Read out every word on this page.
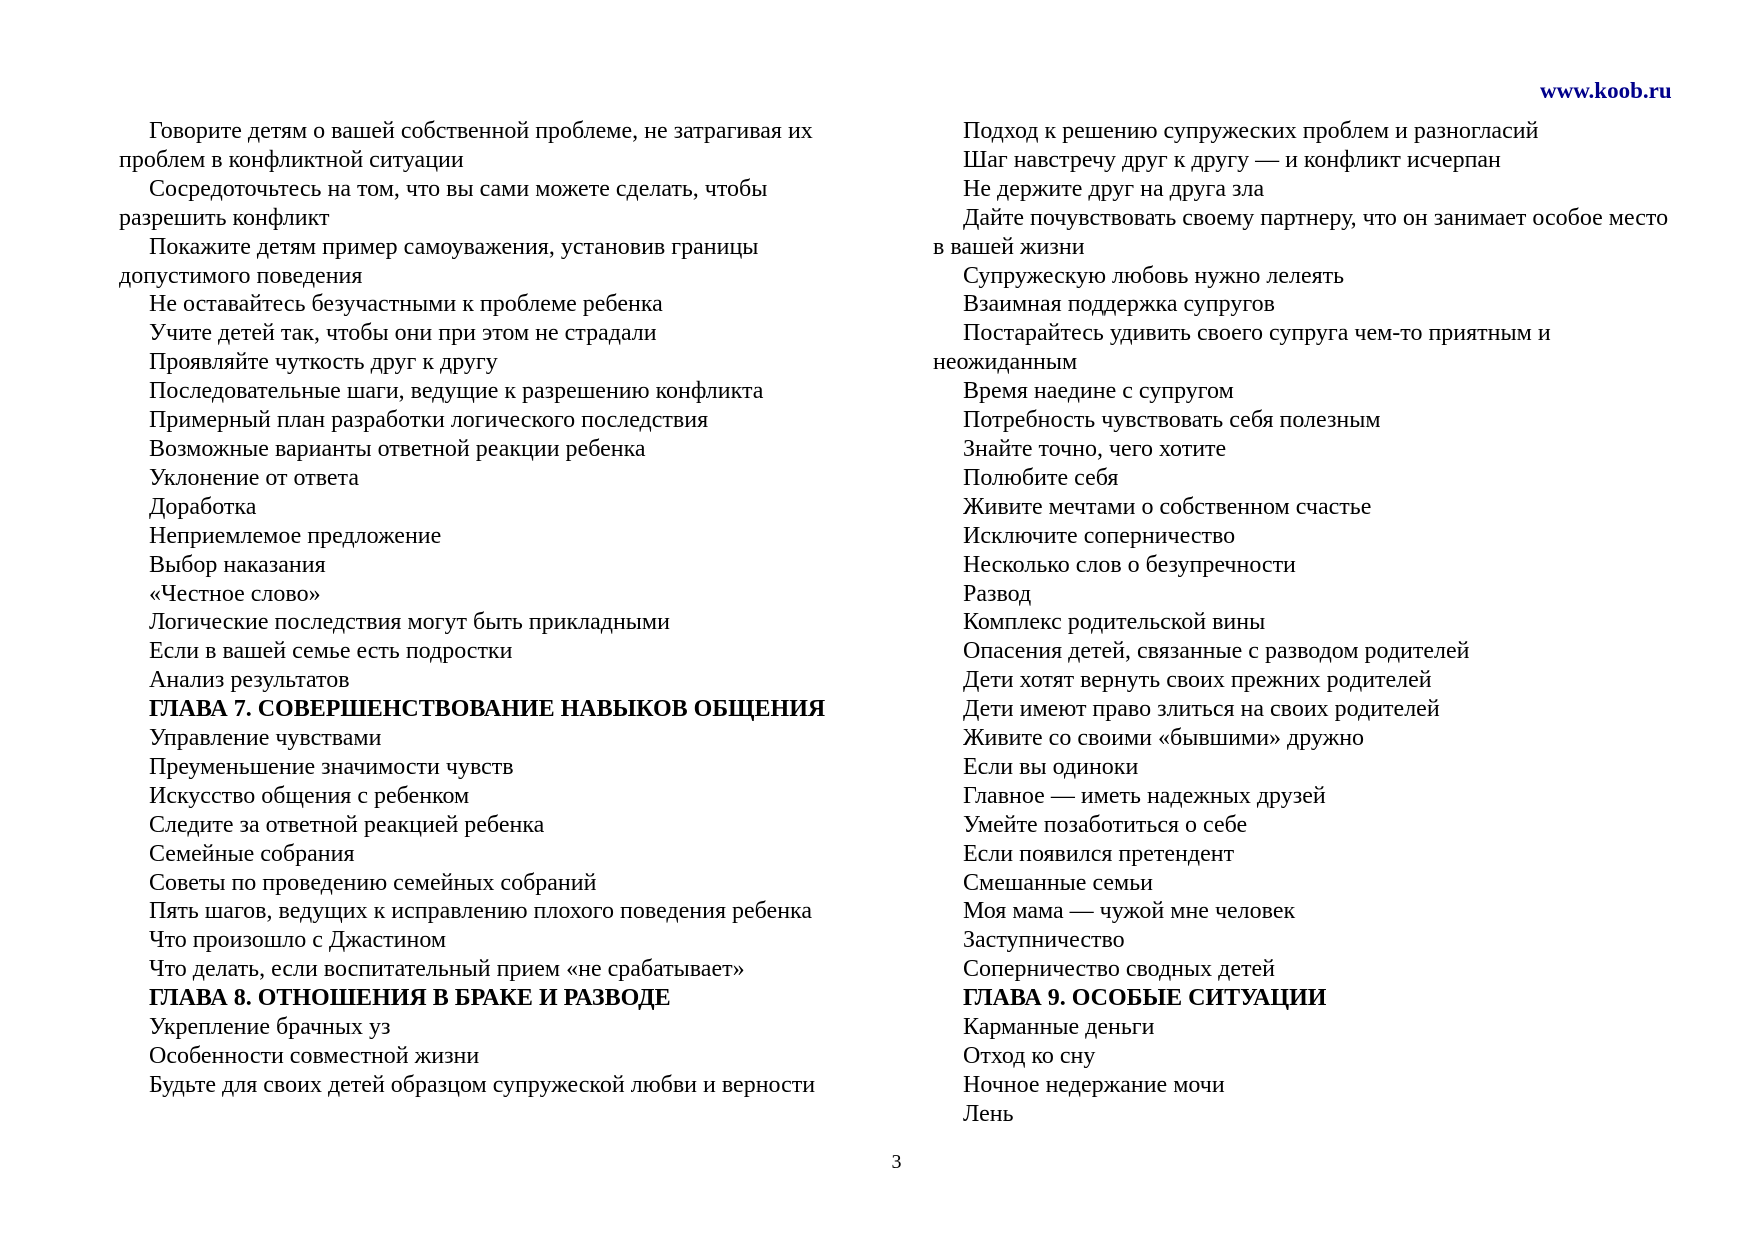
www.koob.ru

Говорите детям о вашей собственной проблеме, не затрагивая их проблем в конфликтной ситуации

Сосредоточьтесь на том, что вы сами можете сделать, чтобы разрешить конфликт

Покажите детям пример самоуважения, установив границы допустимого поведения

Не оставайтесь безучастными к проблеме ребенка

Учите детей так, чтобы они при этом не страдали

Проявляйте чуткость друг к другу

Последовательные шаги, ведущие к разрешению конфликта

Примерный план разработки логического последствия

Возможные варианты ответной реакции ребенка

Уклонение от ответа

Доработка

Неприемлемое предложение

Выбор наказания

«Честное слово»

Логические последствия могут быть прикладными

Если в вашей семье есть подростки

Анализ результатов

ГЛАВА 7. СОВЕРШЕНСТВОВАНИЕ НАВЫКОВ ОБЩЕНИЯ

Управление чувствами

Преуменьшение значимости чувств

Искусство общения с ребенком

Следите за ответной реакцией ребенка

Семейные собрания

Советы по проведению семейных собраний

Пять шагов, ведущих к исправлению плохого поведения ребенка

Что произошло с Джастином

Что делать, если воспитательный прием «не срабатывает»

ГЛАВА 8. ОТНОШЕНИЯ В БРАКЕ И РАЗВОДЕ

Укрепление брачных уз

Особенности совместной жизни

Будьте для своих детей образцом супружеской любви и верности

Подход к решению супружеских проблем и разногласий

Шаг навстречу друг к другу — и конфликт исчерпан

Не держите друг на друга зла

Дайте почувствовать своему партнеру, что он занимает особое место в вашей жизни

Супружескую любовь нужно лелеять

Взаимная поддержка супругов

Постарайтесь удивить своего супруга чем-то приятным и неожиданным

Время наедине с супругом

Потребность чувствовать себя полезным

Знайте точно, чего хотите

Полюбите себя

Живите мечтами о собственном счастье

Исключите соперничество

Несколько слов о безупречности

Развод

Комплекс родительской вины

Опасения детей, связанные с разводом родителей

Дети хотят вернуть своих прежних родителей

Дети имеют право злиться на своих родителей

Живите со своими «бывшими» дружно

Если вы одиноки

Главное — иметь надежных друзей

Умейте позаботиться о себе

Если появился претендент

Смешанные семьи

Моя мама — чужой мне человек

Заступничество

Соперничество сводных детей

ГЛАВА 9. ОСОБЫЕ СИТУАЦИИ

Карманные деньги

Отход ко сну

Ночное недержание мочи

Лень

3
